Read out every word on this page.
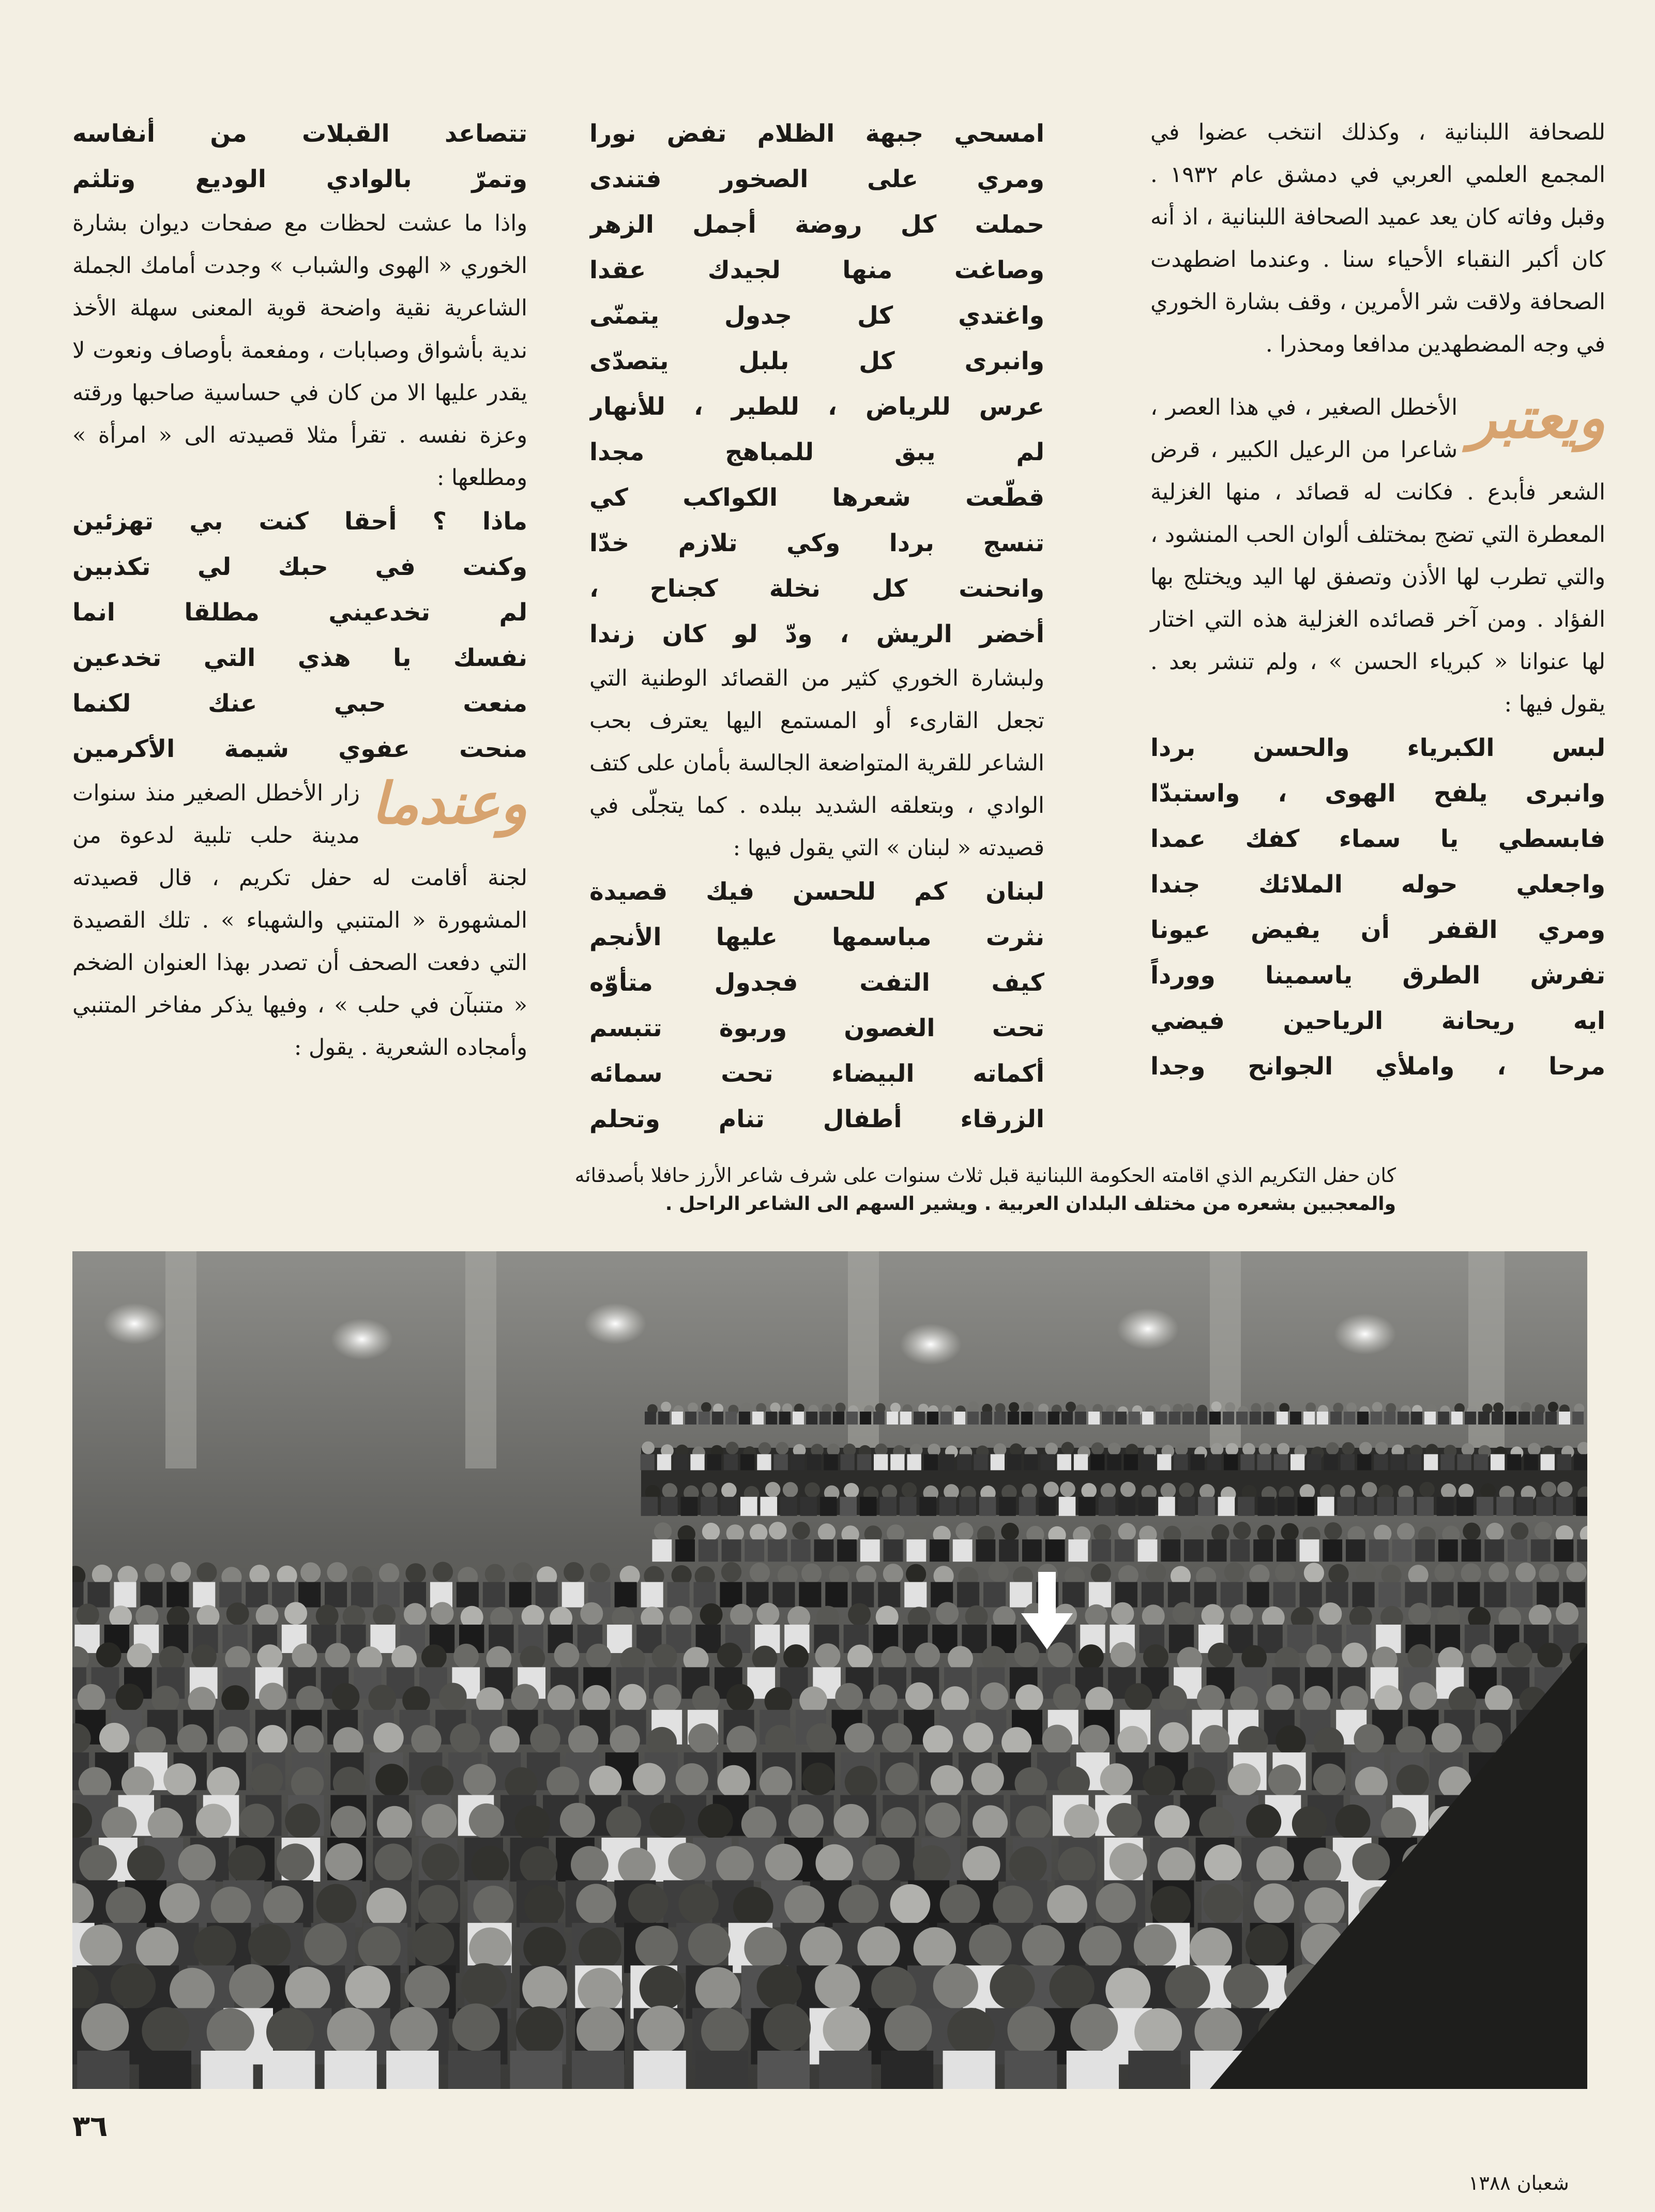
للصحافة اللبنانية ، وكذلك انتخب عضوا في المجمع العلمي العربي في دمشق عام ١٩٣٢ . وقبل وفاته كان يعد عميد الصحافة اللبنانية ، اذ أنه كان أكبر النقباء الأحياء سنا . وعندما اضطهدت الصحافة ولاقت شر الأمرين ، وقف بشارة الخوري في وجه المضطهدين مدافعا ومحذرا .

ويعتبر
الأخطل الصغير ، في هذا العصر ، شاعرا من الرعيل الكبير ، قرض الشعر فأبدع . فكانت له قصائد ، منها الغزلية المعطرة التي تضج بمختلف ألوان الحب المنشود ، والتي تطرب لها الأذن وتصفق لها اليد ويختلج بها الفؤاد . ومن آخر قصائده الغزلية هذه التي اختار لها عنوانا « كبرياء الحسن » ، ولم تنشر بعد . يقول فيها :

لبس الكبرياء والحسن بردا

وانبرى يلفح الهوى ، واستبدّا

فابسطي يا سماء كفك عمدا

واجعلي حوله الملائك جندا

ومري القفر أن يفيض عيونا

تفرش الطرق ياسمينا وورداً

ايه ريحانة الرياحين فيضي

مرحا ، واملأي الجوانح وجدا

امسحي جبهة الظلام تفض نورا

ومري على الصخور فتندى

حملت كل روضة أجمل الزهر

وصاغت منها لجيدك عقدا

واغتدي كل جدول يتمنّى

وانبرى كل بلبل يتصدّى

عرس للرياض ، للطير ، للأنهار

لم يبق للمباهج مجدا

قطّعت شعرها الكواكب كي

تنسج بردا وكي تلازم خدّا

وانحنت كل نخلة كجناح ،

أخضر الريش ، ودّ لو كان زندا

ولبشارة الخوري كثير من القصائد الوطنية التي تجعل القارىء أو المستمع اليها يعترف بحب الشاعر للقرية المتواضعة الجالسة بأمان على كتف الوادي ، وبتعلقه الشديد ببلده . كما يتجلّى في قصيدته « لبنان » التي يقول فيها :

لبنان كم للحسن فيك قصيدة

نثرت مباسمها عليها الأنجم

كيف التفت فجدول متأوّه

تحت الغصون وربوة تتبسم

أكماته البيضاء تحت سمائه

الزرقاء أطفال تنام وتحلم

تتصاعد القبلات من أنفاسه

وتمرّ بالوادي الوديع وتلثم

واذا ما عشت لحظات مع صفحات ديوان بشارة الخوري « الهوى والشباب » وجدت أمامك الجملة الشاعرية نقية واضحة قوية المعنى سهلة الأخذ ندية بأشواق وصبابات ، ومفعمة بأوصاف ونعوت لا يقدر عليها الا من كان في حساسية صاحبها ورقته وعزة نفسه . تقرأ مثلا قصيدته الى « امرأة » ومطلعها :

ماذا ؟ أحقا كنت بي تهزئين

وكنت في حبك لي تكذبين

لم تخدعيني مطلقا انما

نفسك يا هذي التي تخدعين

منعت حبي عنك لكنما

منحت عفوي شيمة الأكرمين

وعندما
زار الأخطل الصغير منذ سنوات مدينة حلب تلبية لدعوة من لجنة أقامت له حفل تكريم ، قال قصيدته المشهورة « المتنبي والشهباء » . تلك القصيدة التي دفعت الصحف أن تصدر بهذا العنوان الضخم « متنبآن في حلب » ، وفيها يذكر مفاخر المتنبي وأمجاده الشعرية . يقول :

كان حفل التكريم الذي اقامته الحكومة اللبنانية قبل ثلاث سنوات على شرف شاعر الأرز حافلا بأصدقائه
والمعجبين بشعره من مختلف البلدان العربية . ويشير السهم الى الشاعر الراحل .
٣٦
شعبان ١٣٨٨
